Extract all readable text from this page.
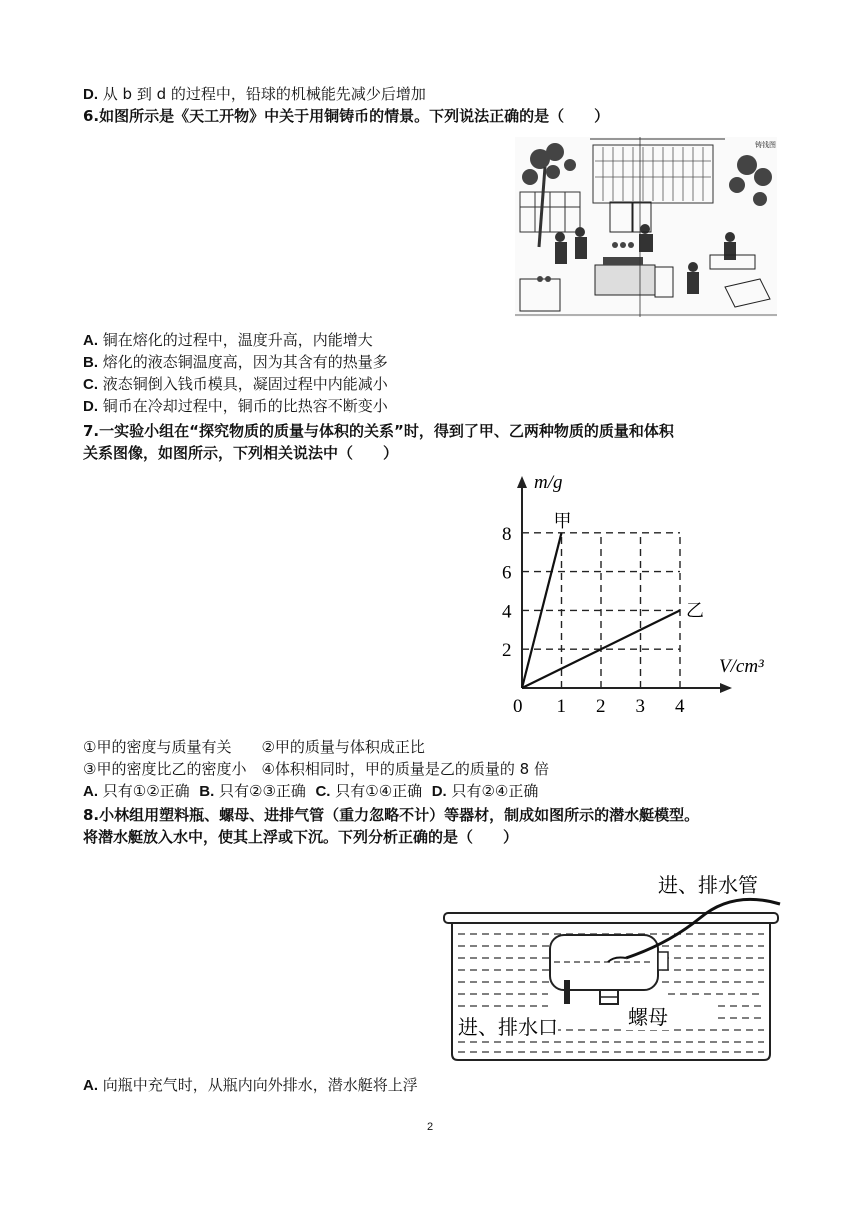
D. 从 b 到 d 的过程中，铅球的机械能先减少后增加
6.如图所示是《天工开物》中关于用铜铸币的情景。下列说法正确的是（　　）
铸钱图
A. 铜在熔化的过程中，温度升高，内能增大
B. 熔化的液态铜温度高，因为其含有的热量多
C. 液态铜倒入钱币模具，凝固过程中内能减小
D. 铜币在冷却过程中，铜币的比热容不断变小
7.一实验小组在“探究物质的质量与体积的关系”时，得到了甲、乙两种物质的质量和体积
关系图像，如图所示，下列相关说法中（　　）
m/g
V/cm³
0 1 2 3 4
2
4
6
8
甲
乙
①甲的密度与质量有关　　②甲的质量与体积成正比
③甲的密度比乙的密度小　④体积相同时，甲的质量是乙的质量的 8 倍
A. 只有①②正确 B. 只有②③正确 C. 只有①④正确 D. 只有②④正确
8.小林组用塑料瓶、螺母、进排气管（重力忽略不计）等器材，制成如图所示的潜水艇模型。
将潜水艇放入水中，使其上浮或下沉。下列分析正确的是（　　）
进、排水管
进、排水口	螺母
A. 向瓶中充气时，从瓶内向外排水，潜水艇将上浮
2
